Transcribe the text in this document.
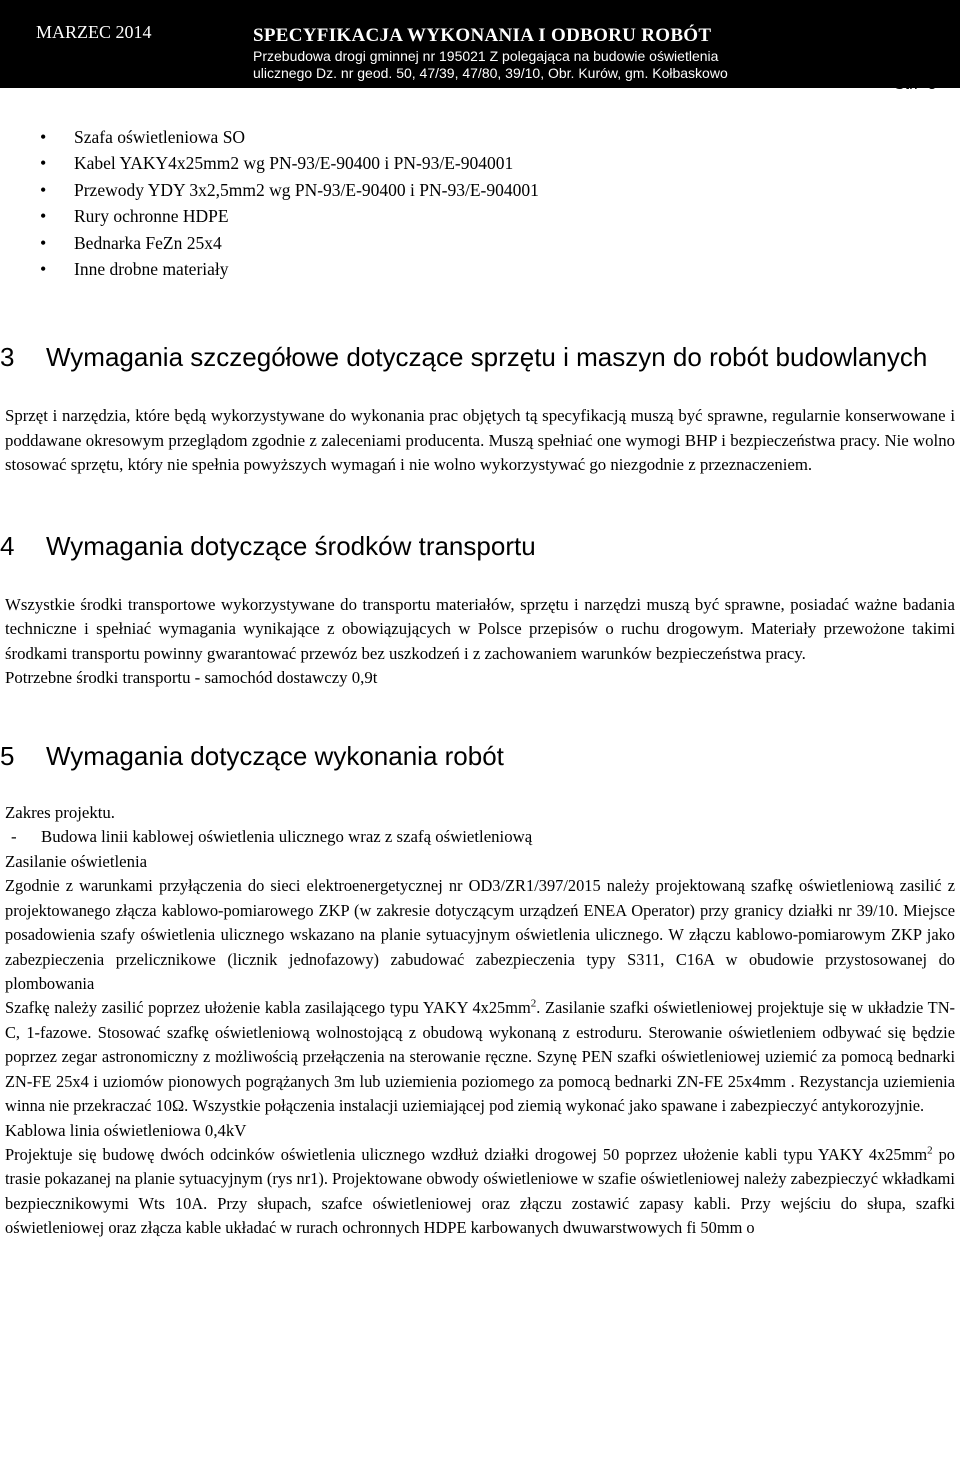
MARZEC 2014	SPECYFIKACJA WYKONANIA I ODBORU ROBÓT
Przebudowa drogi gminnej nr 195021 Z polegająca na budowie oświetlenia
ulicznego Dz. nr geod. 50, 47/39, 47/80, 39/10, Obr. Kurów, gm. Kołbaskowo
Str. -5-
• Szafa oświetleniowa SO
• Kabel YAKY4x25mm2 wg PN-93/E-90400 i PN-93/E-904001
• Przewody YDY 3x2,5mm2 wg PN-93/E-90400 i PN-93/E-904001
• Rury ochronne HDPE
• Bednarka FeZn 25x4
• Inne drobne materiały
3 Wymagania szczegółowe dotyczące sprzętu i maszyn do robót budowlanych

Sprzęt i narzędzia, które będą wykorzystywane do wykonania prac objętych tą specyfikacją muszą być sprawne, regularnie konserwowane i poddawane okresowym przeglądom zgodnie z zaleceniami producenta. Muszą spełniać one wymogi BHP i bezpieczeństwa pracy. Nie wolno stosować sprzętu, który nie spełnia powyższych wymagań i nie wolno wykorzystywać go niezgodnie z przeznaczeniem.

4 Wymagania dotyczące środków transportu

Wszystkie środki transportowe wykorzystywane do transportu materiałów, sprzętu i narzędzi muszą być sprawne, posiadać ważne badania techniczne i spełniać wymagania wynikające z obowiązujących w Polsce przepisów o ruchu drogowym. Materiały przewożone takimi środkami transportu powinny gwarantować przewóz bez uszkodzeń i z zachowaniem warunków bezpieczeństwa pracy.

Potrzebne środki transportu - samochód dostawczy 0,9t
5 Wymagania dotyczące wykonania robót
Zakres projektu.
- Budowa linii kablowej oświetlenia ulicznego wraz z szafą oświetleniową
Zasilanie oświetlenia

Zgodnie z warunkami przyłączenia do sieci elektroenergetycznej nr OD3/ZR1/397/2015 należy projektowaną szafkę oświetleniową zasilić z projektowanego złącza kablowo-pomiarowego ZKP (w zakresie dotyczącym urządzeń ENEA Operator) przy granicy działki nr 39/10. Miejsce posadowienia szafy oświetlenia ulicznego wskazano na planie sytuacyjnym oświetlenia ulicznego. W złączu kablowo-pomiarowym ZKP jako zabezpieczenia przelicznikowe (licznik jednofazowy) zabudować zabezpieczenia typy S311, C16A w obudowie przystosowanej do plombowania

Szafkę należy zasilić poprzez ułożenie kabla zasilającego typu YAKY $4x25mm^2$. Zasilanie szafki oświetleniowej projektuje się w układzie TN-C, 1-fazowe. Stosować szafkę oświetleniową wolnostojącą z obudową wykonaną z estroduru. Sterowanie oświetleniem odbywać się będzie poprzez zegar astronomiczny z możliwością przełączenia na sterowanie ręczne. Szynę PEN szafki oświetleniowej uziemić za pomocą bednarki ZN-FE 25x4 i uziomów pionowych pogrążanych 3m lub uziemienia poziomego za pomocą bednarki ZN-FE 25x4mm . Rezystancja uziemienia winna nie przekraczać 10Ω. Wszystkie połączenia instalacji uziemiającej pod ziemią wykonać jako spawane i zabezpieczyć antykorozyjnie.

Kablowa linia oświetleniowa 0,4kV

Projektuje się budowę dwóch odcinków oświetlenia ulicznego wzdłuż działki drogowej 50 poprzez ułożenie kabli typu YAKY $4x25mm^2$ po trasie pokazanej na planie sytuacyjnym (rys nr1). Projektowane obwody oświetleniowe w szafie oświetleniowej należy zabezpieczyć wkładkami bezpiecznikowymi Wts 10A. Przy słupach, szafce oświetleniowej oraz złączu zostawić zapasy kabli. Przy wejściu do słupa, szafki oświetleniowej oraz złącza kable układać w rurach ochronnych HDPE karbowanych dwuwarstwowych fi 50mm o
